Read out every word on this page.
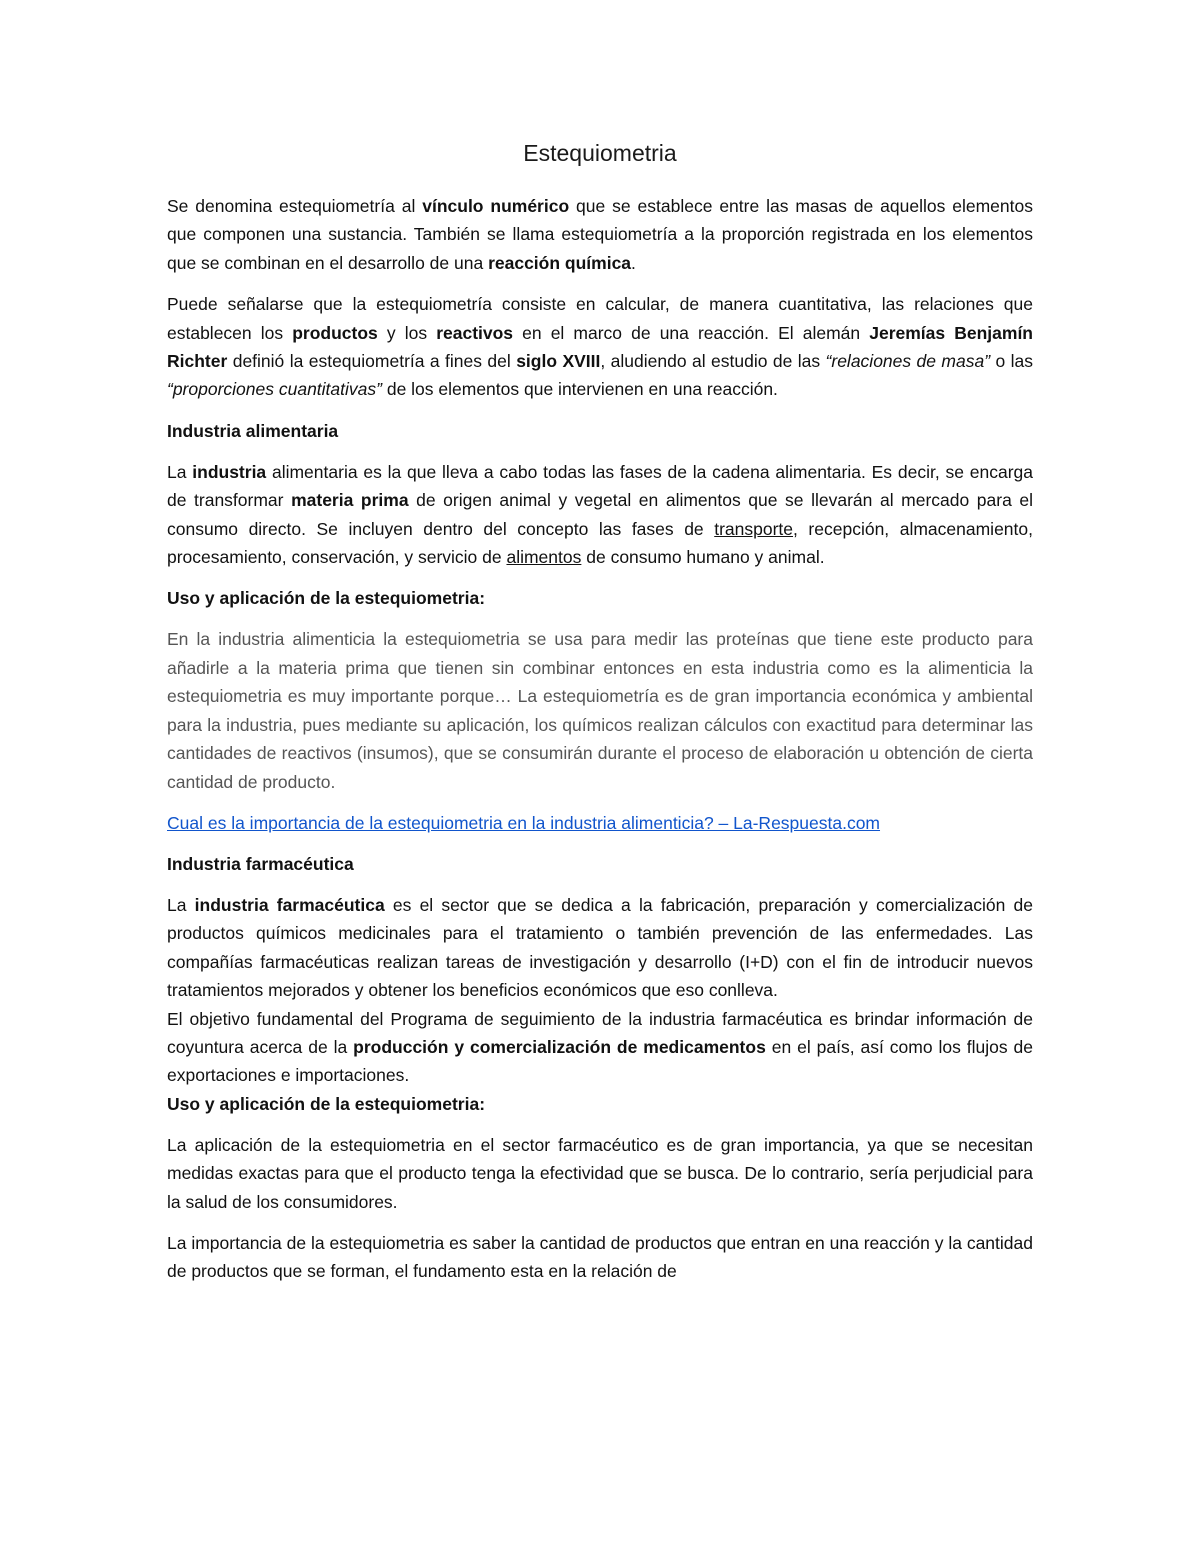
Estequiometria

Se denomina estequiometría al vínculo numérico que se establece entre las masas de aquellos elementos que componen una sustancia. También se llama estequiometría a la proporción registrada en los elementos que se combinan en el desarrollo de una reacción química.

Puede señalarse que la estequiometría consiste en calcular, de manera cuantitativa, las relaciones que establecen los productos y los reactivos en el marco de una reacción. El alemán Jeremías Benjamín Richter definió la estequiometría a fines del siglo XVIII, aludiendo al estudio de las “relaciones de masa” o las “proporciones cuantitativas” de los elementos que intervienen en una reacción.

Industria alimentaria

La industria alimentaria es la que lleva a cabo todas las fases de la cadena alimentaria. Es decir, se encarga de transformar materia prima de origen animal y vegetal en alimentos que se llevarán al mercado para el consumo directo. Se incluyen dentro del concepto las fases de transporte, recepción, almacenamiento, procesamiento, conservación, y servicio de alimentos de consumo humano y animal.

Uso y aplicación de la estequiometria:

En la industria alimenticia la estequiometria se usa para medir las proteínas que tiene este producto para añadirle a la materia prima que tienen sin combinar entonces en esta industria como es la alimenticia la estequiometria es muy importante porque… La estequiometría es de gran importancia económica y ambiental para la industria, pues mediante su aplicación, los químicos realizan cálculos con exactitud para determinar las cantidades de reactivos (insumos), que se consumirán durante el proceso de elaboración u obtención de cierta cantidad de producto.

Cual es la importancia de la estequiometria en la industria alimenticia? – La-Respuesta.com
Industria farmacéutica

La industria farmacéutica es el sector que se dedica a la fabricación, preparación y comercialización de productos químicos medicinales para el tratamiento o también prevención de las enfermedades. Las compañías farmacéuticas realizan tareas de investigación y desarrollo (I+D) con el fin de introducir nuevos tratamientos mejorados y obtener los beneficios económicos que eso conlleva.

El objetivo fundamental del Programa de seguimiento de la industria farmacéutica es brindar información de coyuntura acerca de la producción y comercialización de medicamentos en el país, así como los flujos de exportaciones e importaciones.

Uso y aplicación de la estequiometria:

La aplicación de la estequiometria en el sector farmacéutico es de gran importancia, ya que se necesitan medidas exactas para que el producto tenga la efectividad que se busca. De lo contrario, sería perjudicial para la salud de los consumidores.

La importancia de la estequiometria es saber la cantidad de productos que entran en una reacción y la cantidad de productos que se forman, el fundamento esta en la relación de
